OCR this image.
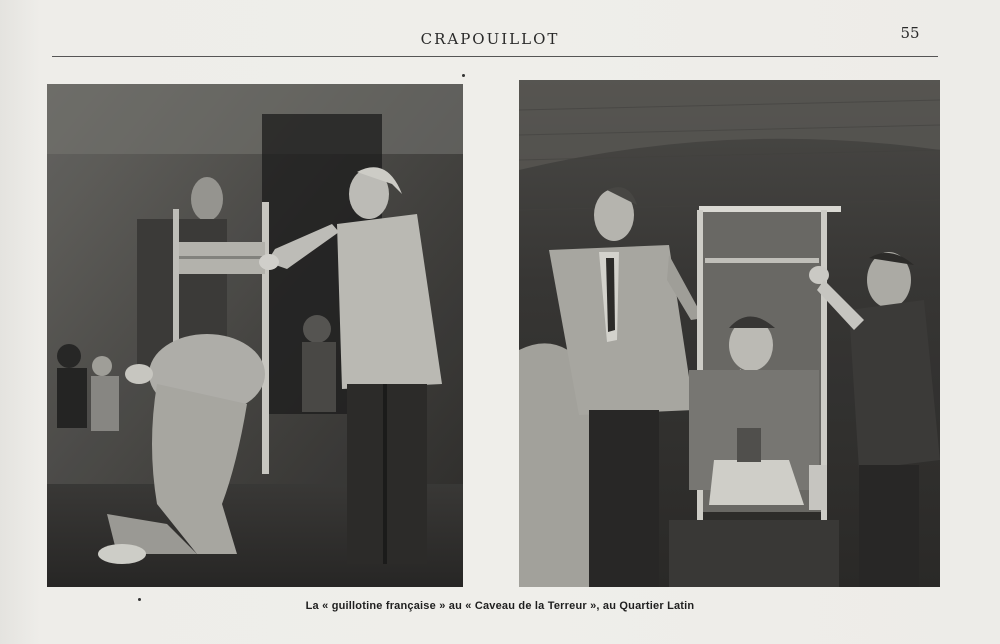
CRAPOUILLOT	55
La « guillotine française » au « Caveau de la Terreur », au Quartier Latin
